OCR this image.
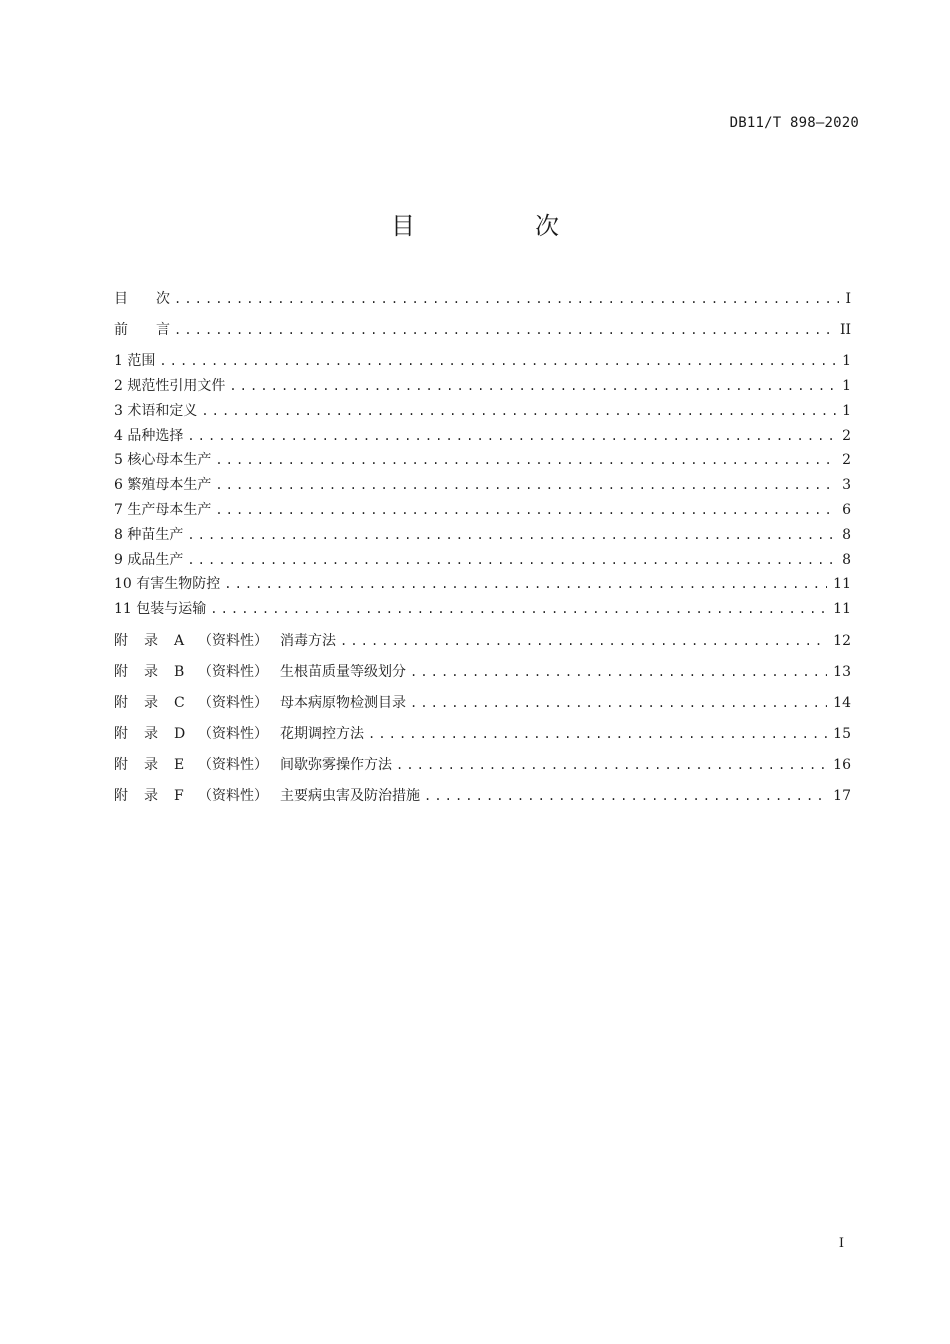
DB11/T 898—2020
目　次
目　　次 .....	I
前　　言 .....	II
1 范围 .....	1
2 规范性引用文件 .....	1
3 术语和定义 .....	1
4 品种选择 .....	2
5 核心母本生产 .....	2
6 繁殖母本生产 .....	3
7 生产母本生产 .....	6
8 种苗生产 .....	8
9 成品生产 .....	8
10 有害生物防控 .....	11
11 包装与运输 .....	11
附录A （资料性） 消毒方法 .....	12
附录B （资料性） 生根苗质量等级划分 .....	13
附录C （资料性） 母本病原物检测目录 .....	14
附录D （资料性） 花期调控方法 .....	15
附录E （资料性） 间歇弥雾操作方法 .....	16
附录F （资料性） 主要病虫害及防治措施 .....	17
I
